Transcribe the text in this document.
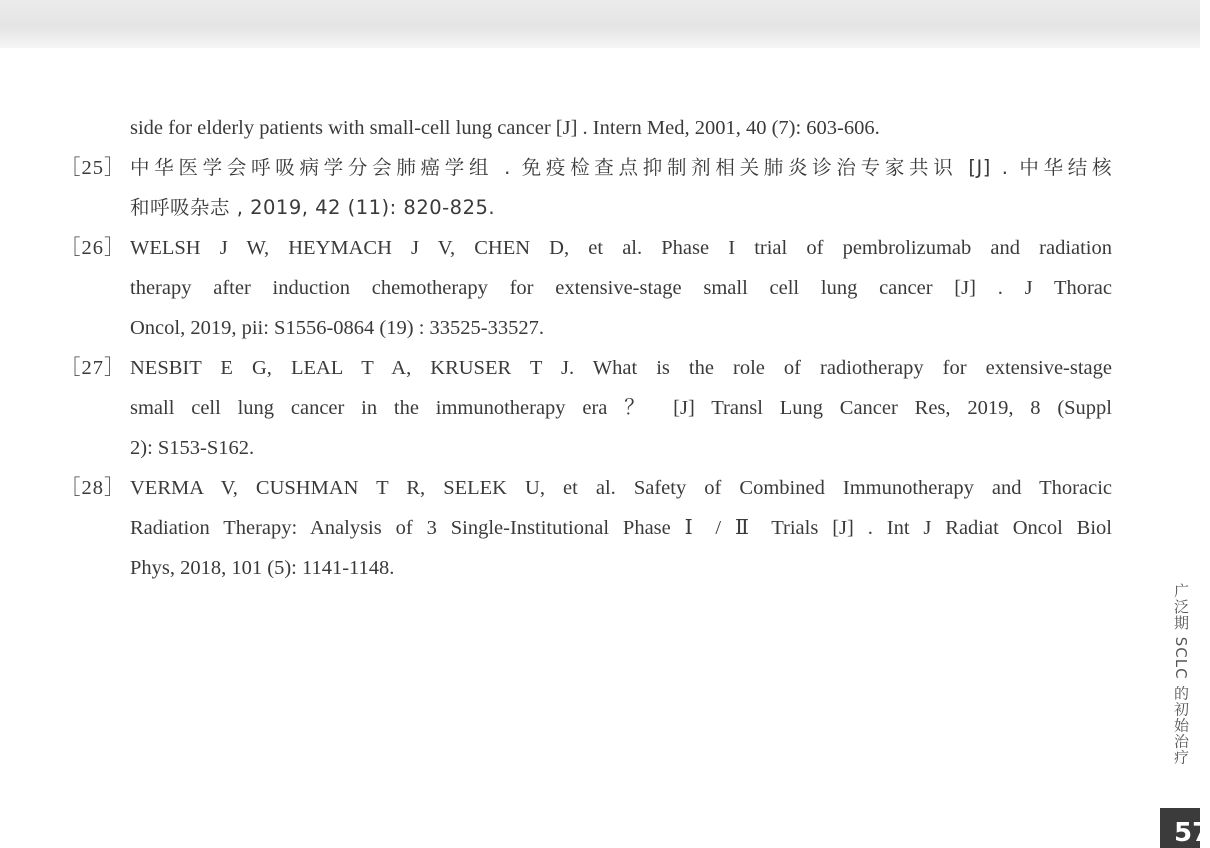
side for elderly patients with small-cell lung cancer [J] . Intern Med, 2001, 40 (7): 603-606.
［25］ 中华医学会呼吸病学分会肺癌学组 . 免疫检查点抑制剂相关肺炎诊治专家共识 [J] . 中华结核
和呼吸杂志 , 2019, 42 (11): 820-825.
［26］ WELSH J W, HEYMACH J V, CHEN D, et al. Phase I trial of pembrolizumab and radiation
therapy after induction chemotherapy for extensive-stage small cell lung cancer [J] . J Thorac
Oncol, 2019, pii: S1556-0864 (19) : 33525-33527.
［27］ NESBIT E G, LEAL T A, KRUSER T J. What is the role of radiotherapy for extensive-stage
small cell lung cancer in the immunotherapy era ？ [J] Transl Lung Cancer Res, 2019, 8 (Suppl
2): S153-S162.
［28］ VERMA V, CUSHMAN T R, SELEK U, et al. Safety of Combined Immunotherapy and Thoracic
Radiation Therapy: Analysis of 3 Single-Institutional Phase Ⅰ / Ⅱ Trials [J] . Int J Radiat Oncol Biol
Phys, 2018, 101 (5): 1141-1148.
广泛期 SCLC 的初始治疗
57
